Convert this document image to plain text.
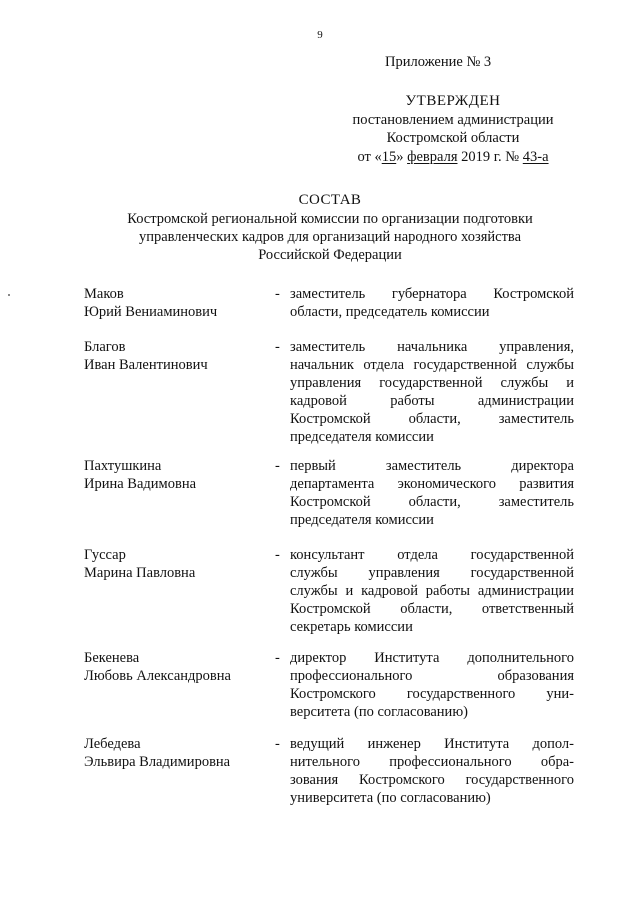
9
Приложение № 3
УТВЕРЖДЕН
постановлением администрации
Костромской области
от «15» февраля 2019 г. № 43-а
СОСТАВ
Костромской региональной комиссии по организации подготовки
управленческих кадров для организаций народного хозяйства
Российской Федерации
Маков
Юрий Вениаминович
- заместитель губернатора Костромской
области, председатель комиссии
Благов
Иван Валентинович
- заместитель начальника управления,
начальник отдела государственной службы
управления государственной службы и
кадровой работы администрации
Костромской области, заместитель
председателя комиссии
Пахтушкина
Ирина Вадимовна
- первый заместитель директора
департамента экономического развития
Костромской области, заместитель
председателя комиссии
Гуссар
Марина Павловна
- консультант отдела государственной
службы управления государственной
службы и кадровой работы администрации
Костромской области, ответственный
секретарь комиссии
Бекенева
Любовь Александровна
- директор Института дополнительного
профессионального образования
Костромского государственного уни-
верситета (по согласованию)
Лебедева
Эльвира Владимировна
- ведущий инженер Института допол-
нительного профессионального обра-
зования Костромского государственного
университета (по согласованию)
